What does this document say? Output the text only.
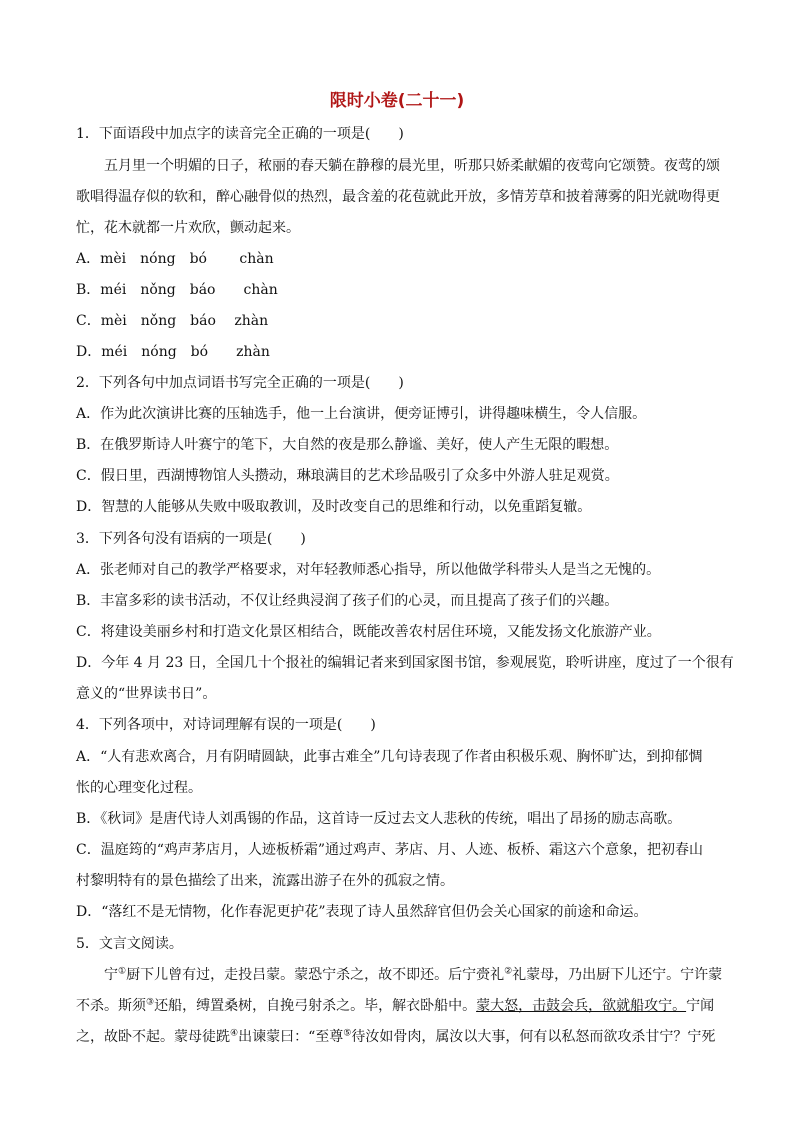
限时小卷(二十一)
1．下面语段中加点字的读音完全正确的一项是(　　)
五月里一个明媚的日子，秾丽的春天躺在静穆的晨光里，听那只娇柔献媚的夜莺向它颂赞。夜莺的颂
歌唱得温存似的软和，醉心融骨似的热烈，最含羞的花苞就此开放，多情芳草和披着薄雾的阳光就吻得更
忙，花木就都一片欢欣，颤动起来。
A．mèi　nóng　bó　　 chàn
B．méi　nǒng　báo　　chàn
C．mèi　nǒng　báo　 zhàn
D．méi　nóng　bó　　zhàn
2．下列各句中加点词语书写完全正确的一项是(　　)
A．作为此次演讲比赛的压轴选手，他一上台演讲，便旁证博引，讲得趣味横生，令人信服。
B．在俄罗斯诗人叶赛宁的笔下，大自然的夜是那么静谧、美好，使人产生无限的暇想。
C．假日里，西湖博物馆人头攒动，琳琅满目的艺术珍品吸引了众多中外游人驻足观赏。
D．智慧的人能够从失败中吸取教训，及时改变自己的思维和行动，以免重蹈复辙。
3．下列各句没有语病的一项是(　　)
A．张老师对自己的教学严格要求，对年轻教师悉心指导，所以他做学科带头人是当之无愧的。
B．丰富多彩的读书活动，不仅让经典浸润了孩子们的心灵，而且提高了孩子们的兴趣。
C．将建设美丽乡村和打造文化景区相结合，既能改善农村居住环境，又能发扬文化旅游产业。
D．今年 4 月 23 日，全国几十个报社的编辑记者来到国家图书馆，参观展览，聆听讲座，度过了一个很有
意义的“世界读书日”。
4．下列各项中，对诗词理解有误的一项是(　　)
A．“人有悲欢离合，月有阴晴圆缺，此事古难全”几句诗表现了作者由积极乐观、胸怀旷达，到抑郁惆
怅的心理变化过程。
B．《秋词》是唐代诗人刘禹锡的作品，这首诗一反过去文人悲秋的传统，唱出了昂扬的励志高歌。
C．温庭筠的“鸡声茅店月，人迹板桥霜”通过鸡声、茅店、月、人迹、板桥、霜这六个意象，把初春山
村黎明特有的景色描绘了出来，流露出游子在外的孤寂之情。
D．“落红不是无情物，化作春泥更护花”表现了诗人虽然辞官但仍会关心国家的前途和命运。
5．文言文阅读。
宁①厨下儿曾有过，走投吕蒙。蒙恐宁杀之，故不即还。后宁赍礼②礼蒙母，乃出厨下儿还宁。宁许蒙
不杀。斯须③还船，缚置桑树，自挽弓射杀之。毕，解衣卧船中。蒙大怒，击鼓会兵，欲就船攻宁。宁闻
之，故卧不起。蒙母徒跣④出谏蒙曰：“至尊⑤待汝如骨肉，属汝以大事，何有以私怒而欲攻杀甘宁？宁死
